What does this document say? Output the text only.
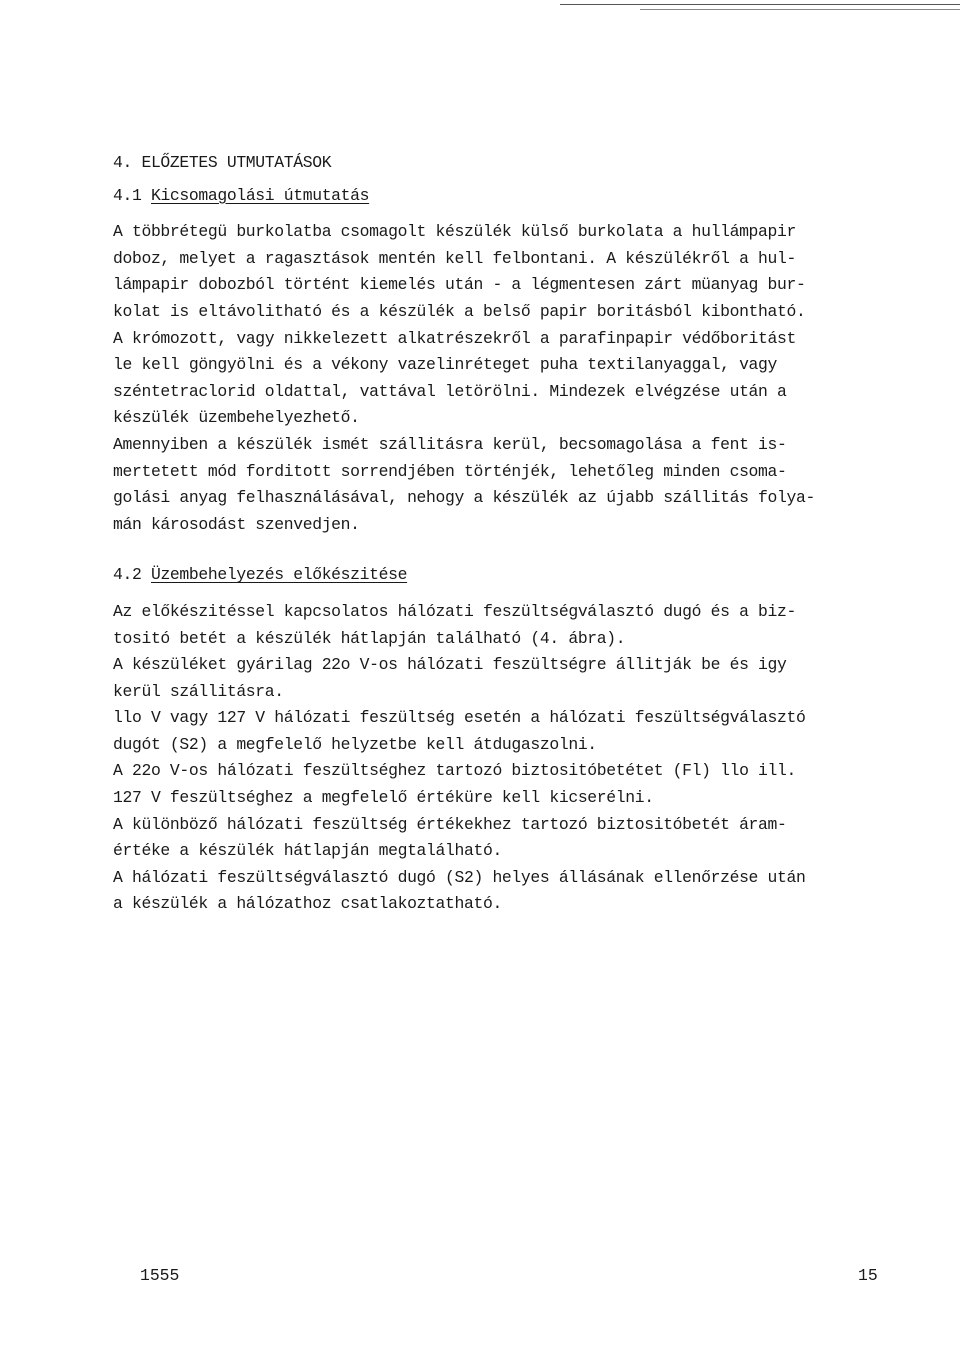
4. ELŐZETES UTMUTATÁSOK
4.1 Kicsomagolási útmutatás
A többrétegü burkolatba csomagolt készülék külső burkolata a hullámpapir
doboz, melyet a ragasztások mentén kell felbontani. A készülékről a hul-
lámpapir dobozból történt kiemelés után - a légmentesen zárt müanyag bur-
kolat is eltávolitható és a készülék a belső papir boritásból kibontható.
A krómozott, vagy nikkelezett alkatrészekről a parafinpapir védőboritást
le kell göngyölni és a vékony vazelinréteget puha textilanyaggal, vagy
széntetraclorid oldattal, vattával letörölni. Mindezek elvégzése után a
készülék üzembehelyezhető.
Amennyiben a készülék ismét szállitásra kerül, becsomagolása a fent is-
mertetett mód forditott sorrendjében történjék, lehetőleg minden csoma-
golási anyag felhasználásával, nehogy a készülék az újabb szállitás folya-
mán károsodást szenvedjen.
4.2 Üzembehelyezés előkészitése
Az előkészitéssel kapcsolatos hálózati feszültségválasztó dugó és a biz-
tositó betét a készülék hátlapján található (4. ábra).
A készüléket gyárilag 22o V-os hálózati feszültségre állitják be és igy
kerül szállitásra.
llo V vagy 127 V hálózati feszültség esetén a hálózati feszültségválasztó
dugót (S2) a megfelelő helyzetbe kell átdugaszolni.
A 22o V-os hálózati feszültséghez tartozó biztositóbetétet (Fl) llo ill.
127 V feszültséghez a megfelelő értéküre kell kicserélni.
A különböző hálózati feszültség értékekhez tartozó biztositóbetét áram-
értéke a készülék hátlapján megtalálható.
A hálózati feszültségválasztó dugó (S2) helyes állásának ellenőrzése után
a készülék a hálózathoz csatlakoztatható.
1555	15
